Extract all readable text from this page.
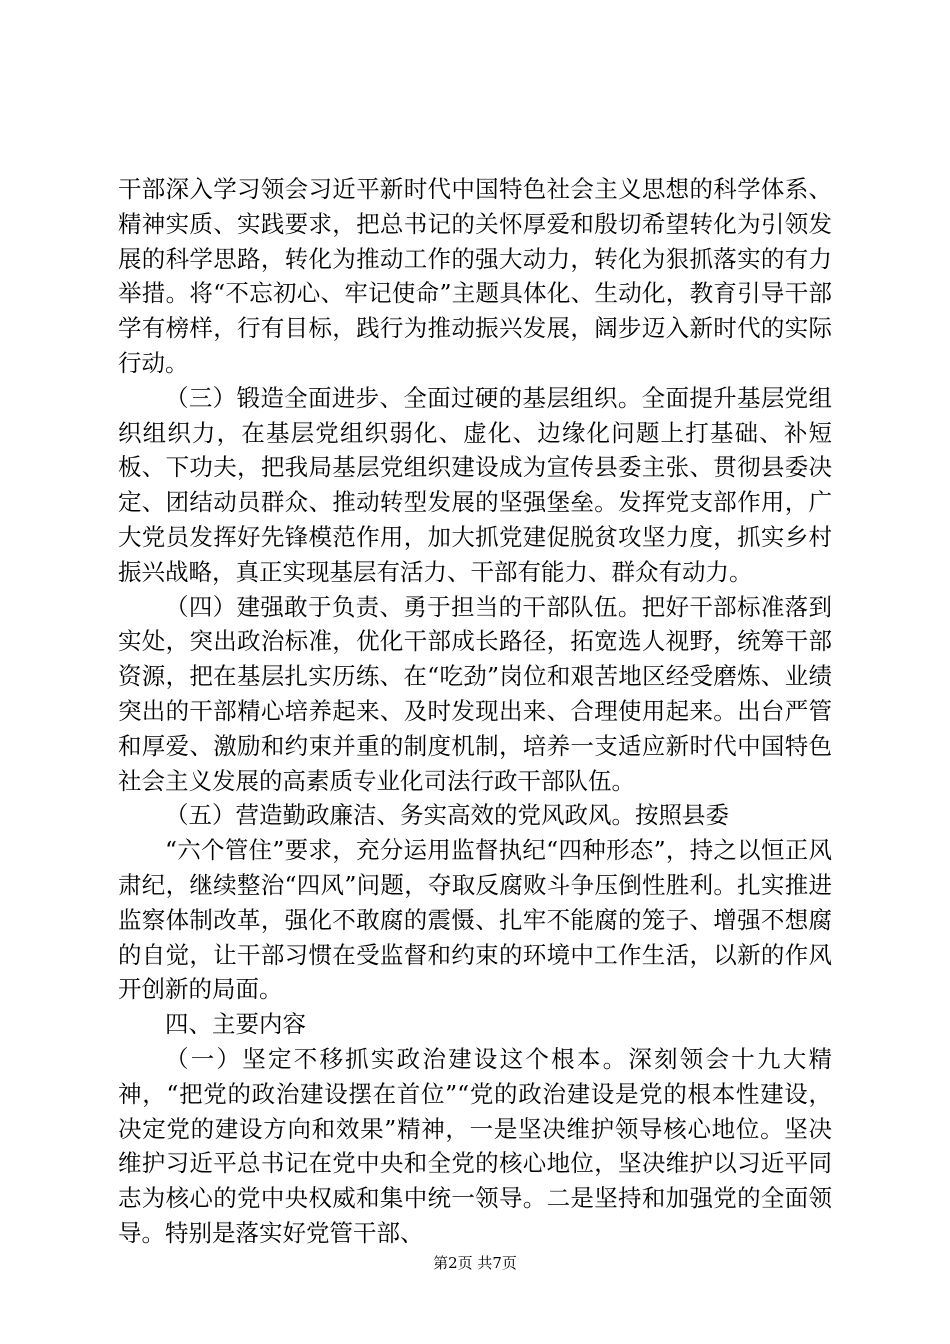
干部深入学习领会习近平新时代中国特色社会主义思想的科学体系、精神实质、实践要求，把总书记的关怀厚爱和殷切希望转化为引领发展的科学思路，转化为推动工作的强大动力，转化为狠抓落实的有力举措。将“不忘初心、牢记使命”主题具体化、生动化，教育引导干部学有榜样，行有目标，践行为推动振兴发展，阔步迈入新时代的实际行动。

（三）锻造全面进步、全面过硬的基层组织。全面提升基层党组织组织力，在基层党组织弱化、虚化、边缘化问题上打基础、补短板、下功夫，把我局基层党组织建设成为宣传县委主张、贯彻县委决定、团结动员群众、推动转型发展的坚强堡垒。发挥党支部作用，广大党员发挥好先锋模范作用，加大抓党建促脱贫攻坚力度，抓实乡村振兴战略，真正实现基层有活力、干部有能力、群众有动力。

（四）建强敢于负责、勇于担当的干部队伍。把好干部标准落到实处，突出政治标准，优化干部成长路径，拓宽选人视野，统筹干部资源，把在基层扎实历练、在“吃劲”岗位和艰苦地区经受磨炼、业绩突出的干部精心培养起来、及时发现出来、合理使用起来。出台严管和厚爱、激励和约束并重的制度机制，培养一支适应新时代中国特色社会主义发展的高素质专业化司法行政干部队伍。

（五）营造勤政廉洁、务实高效的党风政风。按照县委

“六个管住”要求，充分运用监督执纪“四种形态”，持之以恒正风肃纪，继续整治“四风”问题，夺取反腐败斗争压倒性胜利。扎实推进监察体制改革，强化不敢腐的震慑、扎牢不能腐的笼子、增强不想腐的自觉，让干部习惯在受监督和约束的环境中工作生活，以新的作风开创新的局面。

四、主要内容

（一）坚定不移抓实政治建设这个根本。深刻领会十九大精神，“把党的政治建设摆在首位”“党的政治建设是党的根本性建设，决定党的建设方向和效果”精神，一是坚决维护领导核心地位。坚决维护习近平总书记在党中央和全党的核心地位，坚决维护以习近平同志为核心的党中央权威和集中统一领导。二是坚持和加强党的全面领导。特别是落实好党管干部、

第2页 共7页
